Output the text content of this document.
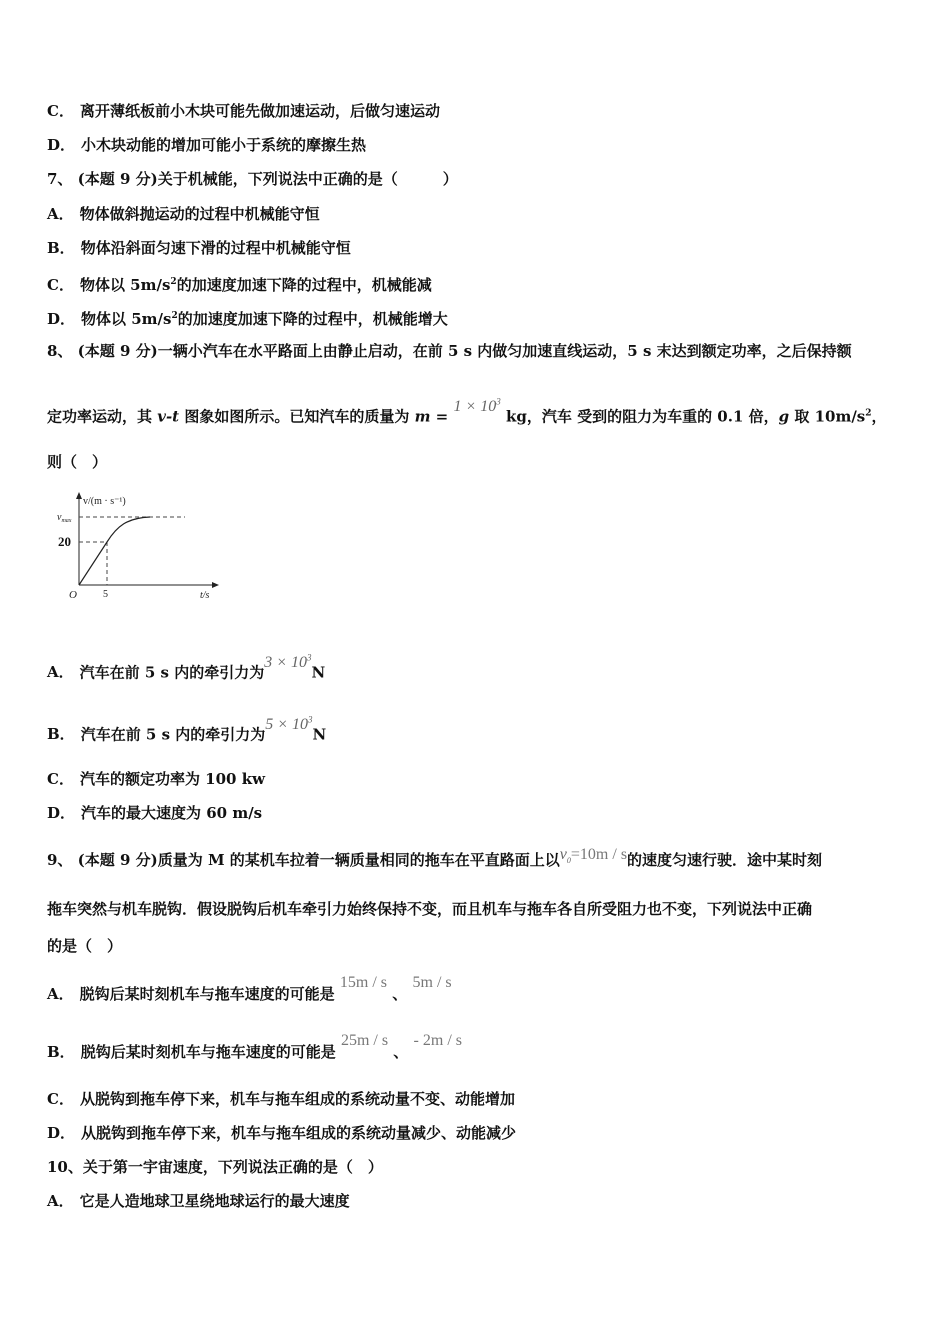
C． 离开薄纸板前小木块可能先做加速运动，后做匀速运动
D． 小木块动能的增加可能小于系统的摩擦生热
7、 (本题 9 分)关于机械能，下列说法中正确的是（　　　）
A． 物体做斜抛运动的过程中机械能守恒
B． 物体沿斜面匀速下滑的过程中机械能守恒
C． 物体以 $5m/s^2$的加速度加速下降的过程中，机械能减
D． 物体以 $5m/s^2$的加速度加速下降的过程中，机械能增大
8、 (本题 9 分)一辆小汽车在水平路面上由静止启动，在前 5 s 内做匀加速直线运动，5 s 末达到额定功率，之后保持额
定功率运动，其 v-t 图象如图所示。已知汽车的质量为 $m = 1 \times 10^3$ kg，汽车 受到的阻力为车重的 0.1 倍，g 取 $10m/s^2$，
则（　）
v/(m · s⁻¹)
$v_{max}$
20
5
O	t/s
A． 汽车在前 5 s 内的牵引力为$3 \times 10^3N$
B． 汽车在前 5 s 内的牵引力为$5 \times 10^3N$
C． 汽车的额定功率为 100 kw
D． 汽车的最大速度为 60 m/s
9、 (本题 9 分)质量为 M 的某机车拉着一辆质量相同的拖车在平直路面上以$v_0=10m / s$的速度匀速行驶．途中某时刻
拖车突然与机车脱钩．假设脱钩后机车牵引力始终保持不变，而且机车与拖车各自所受阻力也不变，下列说法中正确
的是（　）
A． 脱钩后某时刻机车与拖车速度的可能是 15m / s 、 5m / s
B． 脱钩后某时刻机车与拖车速度的可能是 25m / s 、 - 2m / s
C． 从脱钩到拖车停下来，机车与拖车组成的系统动量不变、动能增加
D． 从脱钩到拖车停下来，机车与拖车组成的系统动量减少、动能减少
10、关于第一宇宙速度，下列说法正确的是（　）
A． 它是人造地球卫星绕地球运行的最大速度
